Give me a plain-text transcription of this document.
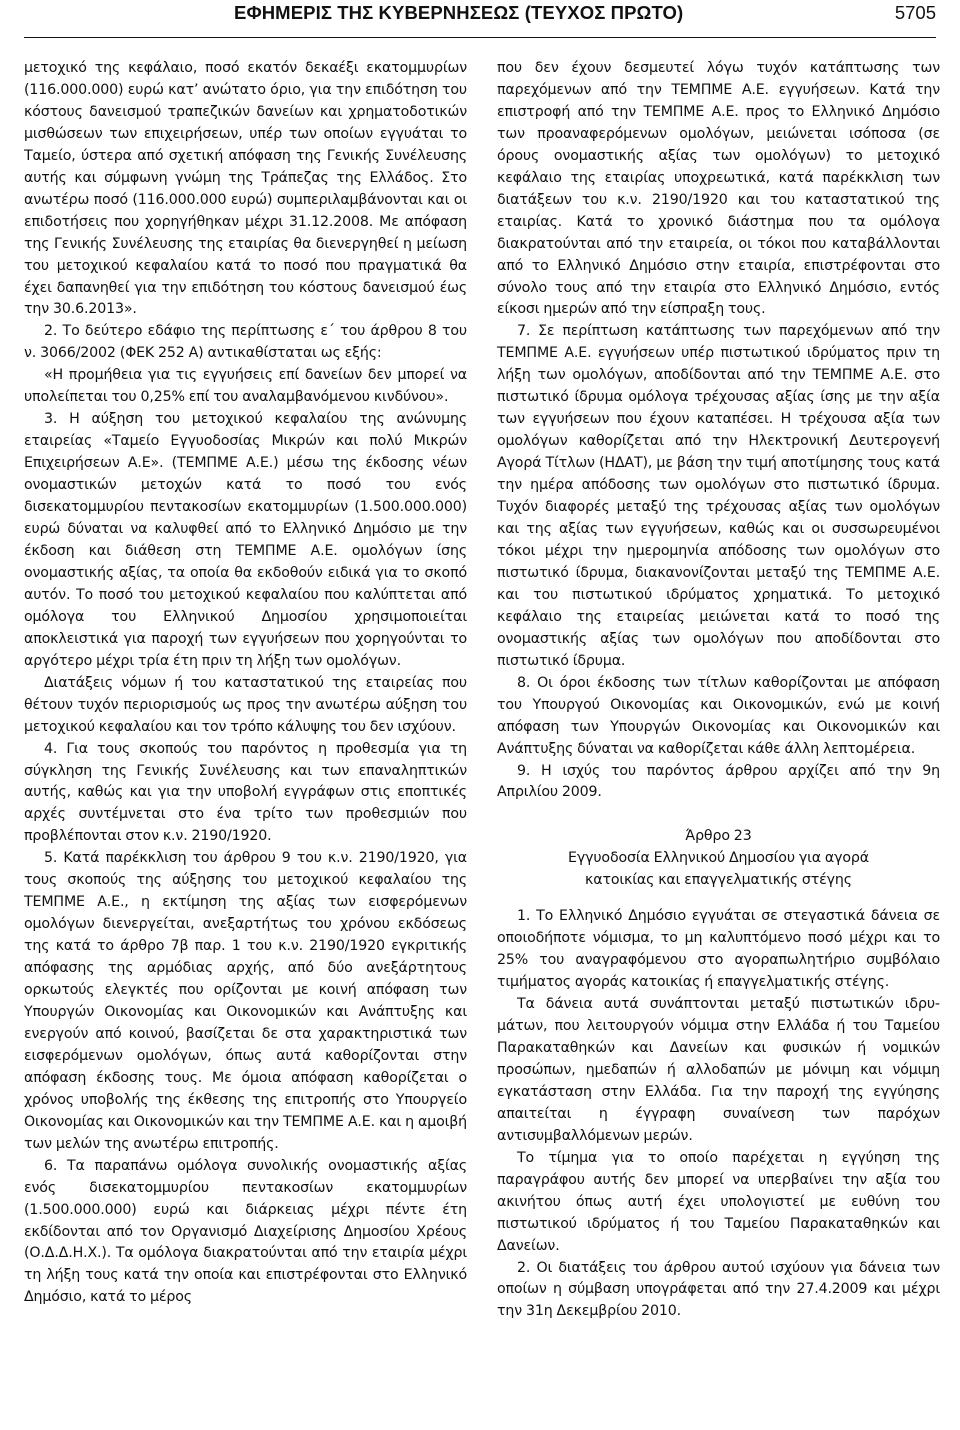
ΕΦΗΜΕΡΙΣ ΤΗΣ ΚΥΒΕΡΝΗΣΕΩΣ (ΤΕΥΧΟΣ ΠΡΩΤΟ)	5705

μετοχικό της κεφάλαιο, ποσό εκατόν δεκαέξι εκατομμυρίων (116.000.000) ευρώ κατ’ ανώτατο όριο, για την επιδότηση του κόστους δανεισμού τραπεζικών δανείων και χρηματοδοτικών μισθώσεων των επιχειρήσεων, υπέρ των οποίων εγγυάται το Ταμείο, ύστερα από σχετική απόφαση της Γενικής Συνέλευσης αυτής και σύμφωνη γνώμη της Τράπεζας της Ελλάδος. Στο ανωτέρω ποσό (116.000.000 ευρώ) συμπεριλαμβάνονται και οι επιδοτήσεις που χορηγήθηκαν μέχρι 31.12.2008. Με απόφαση της Γενικής Συνέλευσης της εταιρίας θα διενεργηθεί η μείωση του μετοχικού κεφαλαίου κατά το ποσό που πραγματικά θα έχει δαπανηθεί για την επιδότηση του κόστους δανεισμού έως την 30.6.2013».

2. Το δεύτερο εδάφιο της περίπτωσης ε΄ του άρθρου 8 του ν. 3066/2002 (ΦΕΚ 252 Α) αντικαθίσταται ως εξής:

«Η προμήθεια για τις εγγυήσεις επί δανείων δεν μπορεί να υπολείπεται του 0,25% επί του αναλαμβανόμενου κινδύνου».

3. Η αύξηση του μετοχικού κεφαλαίου της ανώνυμης εταιρείας «Ταμείο Εγγυοδοσίας Μικρών και πολύ Μικρών Επιχειρήσεων Α.Ε». (ΤΕΜΠΜΕ Α.Ε.) μέσω της έκδοσης νέων ονομαστικών μετοχών κατά το ποσό του ενός δισεκατομμυρίου πεντακοσίων εκατομμυρίων (1.500.000.000) ευρώ δύναται να καλυφθεί από το Ελληνικό Δημόσιο με την έκδοση και διάθεση στη ΤΕΜΠΜΕ Α.Ε. ομολόγων ίσης ονομαστικής αξίας, τα οποία θα εκδοθούν ειδικά για το σκοπό αυτόν. Το ποσό του μετοχικού κεφαλαίου που καλύπτεται από ομόλογα του Ελληνικού Δημοσίου χρησιμοποιείται αποκλειστικά για παροχή των εγγυήσεων που χορηγούνται το αργότερο μέχρι τρία έτη πριν τη λήξη των ομολόγων.

Διατάξεις νόμων ή του καταστατικού της εταιρείας που θέτουν τυχόν περιορισμούς ως προς την ανωτέρω αύξηση του μετοχικού κεφαλαίου και τον τρόπο κάλυψης του δεν ισχύουν.

4. Για τους σκοπούς του παρόντος η προθεσμία για τη σύγκληση της Γενικής Συνέλευσης και των επαναληπτικών αυτής, καθώς και για την υποβολή εγγράφων στις εποπτικές αρχές συντέμνεται στο ένα τρίτο των προθεσμιών που προβλέπονται στον κ.ν. 2190/1920.

5. Κατά παρέκκλιση του άρθρου 9 του κ.ν. 2190/1920, για τους σκοπούς της αύξησης του μετοχικού κεφαλαίου της ΤΕΜΠΜΕ Α.Ε., η εκτίμηση της αξίας των εισφερόμενων ομολόγων διενεργείται, ανεξαρτήτως του χρόνου εκδόσεως της κατά το άρθρο 7β παρ. 1 του κ.ν. 2190/1920 εγκριτικής απόφασης της αρμόδιας αρχής, από δύο ανεξάρτητους ορκωτούς ελεγκτές που ορίζονται με κοινή απόφαση των Υπουργών Οικονομίας και Οικονομικών και Ανάπτυξης και ενεργούν από κοινού, βασίζεται δε στα χαρακτηριστικά των εισφερόμενων ομολόγων, όπως αυτά καθορίζονται στην απόφαση έκδοσης τους. Με όμοια απόφαση καθορίζεται ο χρόνος υποβολής της έκθεσης της επιτροπής στο Υπουργείο Οικονομίας και Οικονομικών και την ΤΕΜΠΜΕ Α.Ε. και η αμοιβή των μελών της ανωτέρω επιτροπής.

6. Τα παραπάνω ομόλογα συνολικής ονομαστικής αξίας ενός δισεκατομμυρίου πεντακοσίων εκατομμυρίων (1.500.000.000) ευρώ και διάρκειας μέχρι πέντε έτη εκδίδονται από τον Οργανισμό Διαχείρισης Δημοσίου Χρέους (Ο.Δ.Δ.Η.Χ.). Τα ομόλογα διακρατούνται από την εταιρία μέχρι τη λήξη τους κατά την οποία και επιστρέφονται στο Ελληνικό Δημόσιο, κατά το μέρος

που δεν έχουν δεσμευτεί λόγω τυχόν κατάπτωσης των παρεχόμενων από την ΤΕΜΠΜΕ Α.Ε. εγγυήσεων. Κατά την επιστροφή από την ΤΕΜΠΜΕ Α.Ε. προς το Ελληνικό Δημόσιο των προαναφερόμενων ομολόγων, μειώνεται ισόποσα (σε όρους ονομαστικής αξίας των ομολόγων) το μετοχικό κεφάλαιο της εταιρίας υποχρεωτικά, κατά παρέκκλιση των διατάξεων του κ.ν. 2190/1920 και του καταστατικού της εταιρίας. Κατά το χρονικό διάστημα που τα ομόλογα διακρατούνται από την εταιρεία, οι τόκοι που καταβάλλονται από το Ελληνικό Δημόσιο στην εταιρία, επιστρέφονται στο σύνολο τους από την εταιρία στο Ελληνικό Δημόσιο, εντός είκοσι ημερών από την είσπραξη τους.

7. Σε περίπτωση κατάπτωσης των παρεχόμενων από την ΤΕΜΠΜΕ Α.Ε. εγγυήσεων υπέρ πιστωτικού ιδρύματος πριν τη λήξη των ομολόγων, αποδίδονται από την ΤΕΜΠΜΕ Α.Ε. στο πιστωτικό ίδρυμα ομόλογα τρέχουσας αξίας ίσης με την αξία των εγγυήσεων που έχουν καταπέσει. Η τρέχουσα αξία των ομολόγων καθορίζεται από την Ηλεκτρονική Δευτερογενή Αγορά Τίτλων (ΗΔΑΤ), με βάση την τιμή αποτίμησης τους κατά την ημέρα απόδοσης των ομολόγων στο πιστωτικό ίδρυμα. Τυχόν διαφορές μεταξύ της τρέχουσας αξίας των ομολόγων και της αξίας των εγγυήσεων, καθώς και οι συσσωρευμένοι τόκοι μέχρι την ημερομηνία απόδοσης των ομολόγων στο πιστωτικό ίδρυμα, διακανονίζονται μεταξύ της ΤΕΜΠΜΕ Α.Ε. και του πιστωτικού ιδρύματος χρηματικά. Το μετοχικό κεφάλαιο της εταιρείας μειώνεται κατά το ποσό της ονομαστικής αξίας των ομολόγων που αποδίδονται στο πιστωτικό ίδρυμα.

8. Οι όροι έκδοσης των τίτλων καθορίζονται με απόφαση του Υπουργού Οικονομίας και Οικονομικών, ενώ με κοινή απόφαση των Υπουργών Οικονομίας και Οικονομικών και Ανάπτυξης δύναται να καθορίζεται κάθε άλλη λεπτομέρεια.

9. Η ισχύς του παρόντος άρθρου αρχίζει από την 9η Απριλίου 2009.

Άρθρο 23

Εγγυοδοσία Ελληνικού Δημοσίου για αγορά

κατοικίας και επαγγελματικής στέγης

1. Το Ελληνικό Δημόσιο εγγυάται σε στεγαστικά δάνεια σε οποιοδήποτε νόμισμα, το μη καλυπτόμενο ποσό μέχρι και το 25% του αναγραφόμενου στο αγοραπωλητήριο συμβόλαιο τιμήματος αγοράς κατοικίας ή επαγγελματικής στέγης.

Τα δάνεια αυτά συνάπτονται μεταξύ πιστωτικών ιδρυμάτων, που λειτουργούν νόμιμα στην Ελλάδα ή του Ταμείου Παρακαταθηκών και Δανείων και φυσικών ή νομικών προσώπων, ημεδαπών ή αλλοδαπών με μόνιμη και νόμιμη εγκατάσταση στην Ελλάδα. Για την παροχή της εγγύησης απαιτείται η έγγραφη συναίνεση των παρόχων αντισυμβαλλόμενων μερών.

Το τίμημα για το οποίο παρέχεται η εγγύηση της παραγράφου αυτής δεν μπορεί να υπερβαίνει την αξία του ακινήτου όπως αυτή έχει υπολογιστεί με ευθύνη του πιστωτικού ιδρύματος ή του Ταμείου Παρακαταθηκών και Δανείων.

2. Οι διατάξεις του άρθρου αυτού ισχύουν για δάνεια των οποίων η σύμβαση υπογράφεται από την 27.4.2009 και μέχρι την 31η Δεκεμβρίου 2010.
